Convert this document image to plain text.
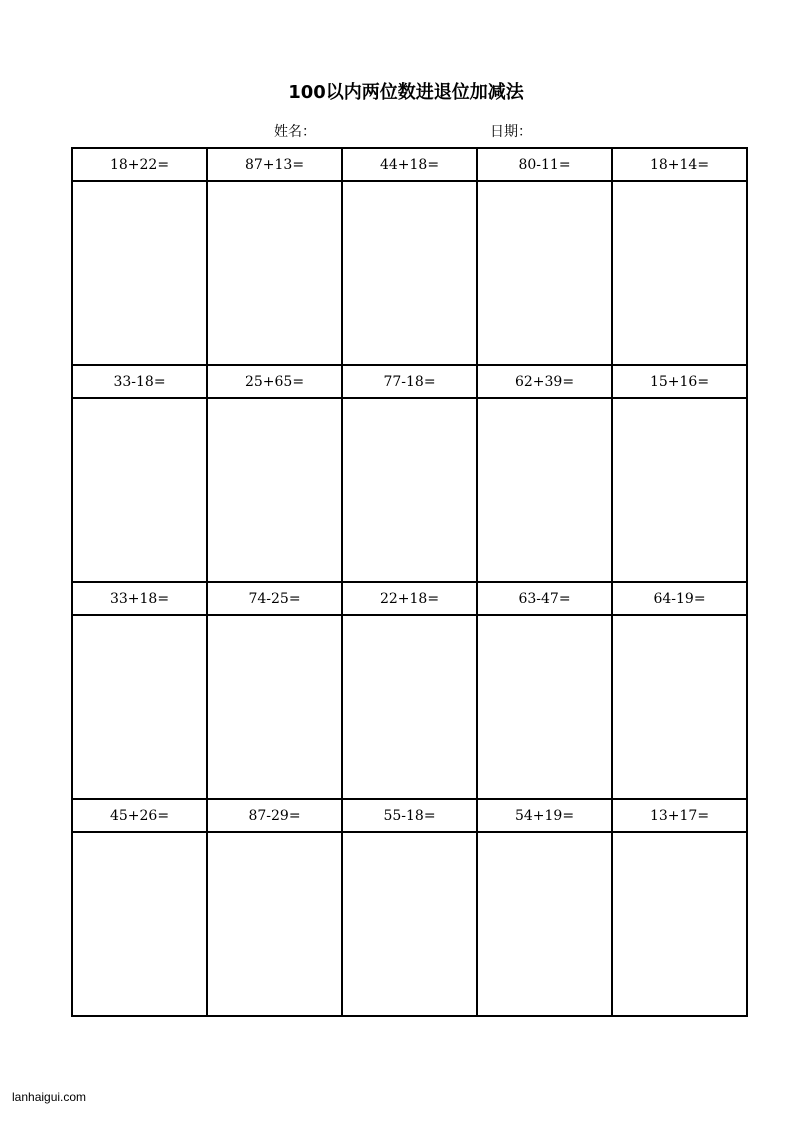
100以内两位数进退位加减法
姓名：	日期：
18+22=	87+13=	44+18=	80-11=	18+14=

33-18=	25+65=	77-18=	62+39=	15+16=

33+18=	74-25=	22+18=	63-47=	64-19=

45+26=	87-29=	55-18=	54+19=	13+17=

lanhaigui.com
